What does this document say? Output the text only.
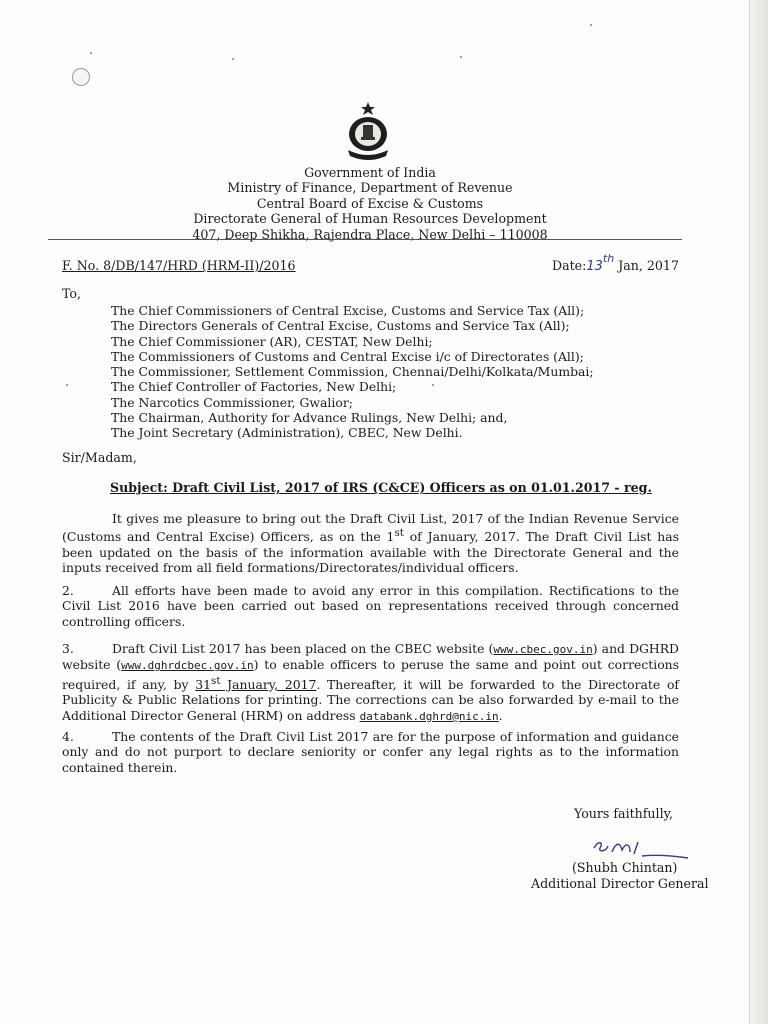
Government of India
Ministry of Finance, Department of Revenue
Central Board of Excise & Customs
Directorate General of Human Resources Development
407, Deep Shikha, Rajendra Place, New Delhi – 110008
F. No. 8/DB/147/HRD (HRM-II)/2016	Date:13th Jan, 2017
To,
The Chief Commissioners of Central Excise, Customs and Service Tax (All);
The Directors Generals of Central Excise, Customs and Service Tax (All);
The Chief Commissioner (AR), CESTAT, New Delhi;
The Commissioners of Customs and Central Excise i/c of Directorates (All);
The Commissioner, Settlement Commission, Chennai/Delhi/Kolkata/Mumbai;
The Chief Controller of Factories, New Delhi;
The Narcotics Commissioner, Gwalior;
The Chairman, Authority for Advance Rulings, New Delhi; and,
The Joint Secretary (Administration), CBEC, New Delhi.
Sir/Madam,
Subject: Draft Civil List, 2017 of IRS (C&CE) Officers as on 01.01.2017 - reg.
It gives me pleasure to bring out the Draft Civil List, 2017 of the Indian Revenue Service (Customs and Central Excise) Officers, as on the 1st of January, 2017. The Draft Civil List has been updated on the basis of the information available with the Directorate General and the inputs received from all field formations/Directorates/individual officers.
2.	All efforts have been made to avoid any error in this compilation. Rectifications to the Civil List 2016 have been carried out based on representations received through concerned controlling officers.
3.	Draft Civil List 2017 has been placed on the CBEC website (www.cbec.gov.in) and DGHRD website (www.dghrdcbec.gov.in) to enable officers to peruse the same and point out corrections required, if any, by 31st January, 2017. Thereafter, it will be forwarded to the Directorate of Publicity & Public Relations for printing. The corrections can be also forwarded by e-mail to the Additional Director General (HRM) on address databank.dghrd@nic.in.
4.	The contents of the Draft Civil List 2017 are for the purpose of information and guidance only and do not purport to declare seniority or confer any legal rights as to the information contained therein.
Yours faithfully,
(Shubh Chintan)
Additional Director General
